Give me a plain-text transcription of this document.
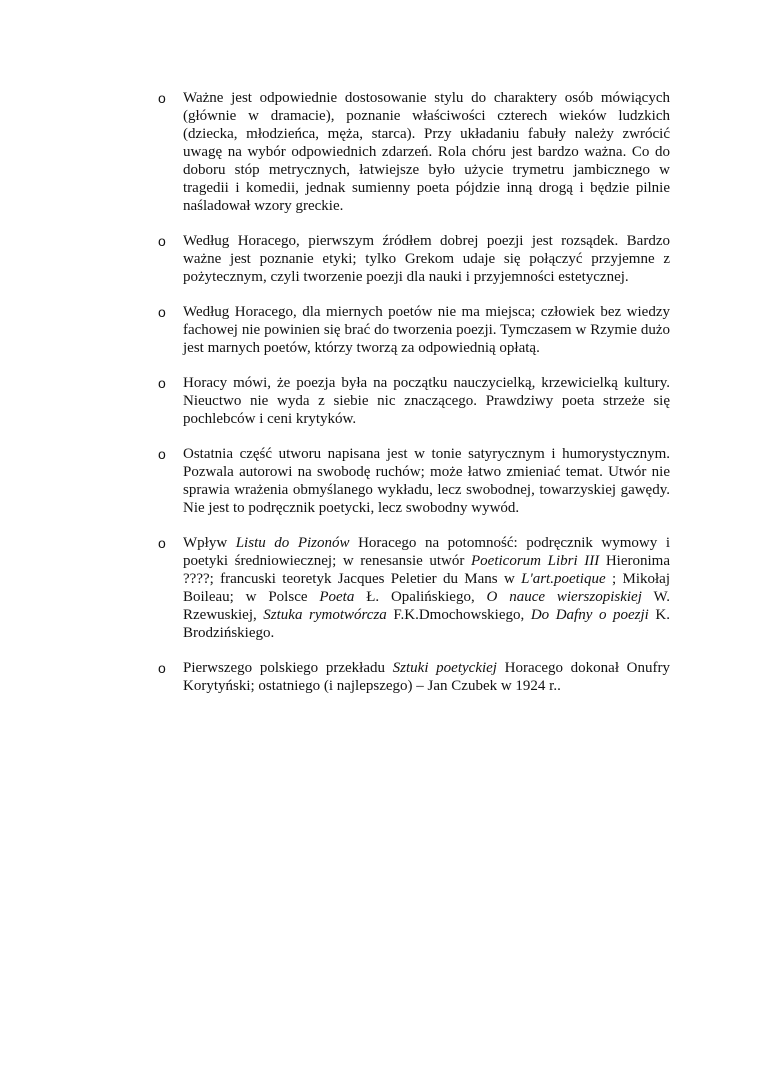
o Ważne jest odpowiednie dostosowanie stylu do charaktery osób mówiących (głównie w dramacie), poznanie właściwości czterech wieków ludzkich (dziecka, młodzieńca, męża, starca). Przy układaniu fabuły należy zwrócić uwagę na wybór odpowiednich zdarzeń. Rola chóru jest bardzo ważna. Co do doboru stóp metrycznych, łatwiejsze było użycie trymetru jambicznego w tragedii i komedii, jednak sumienny poeta pójdzie inną drogą i będzie pilnie naśladował wzory greckie.
o Według Horacego, pierwszym źródłem dobrej poezji jest rozsądek. Bardzo ważne jest poznanie etyki; tylko Grekom udaje się połączyć przyjemne z pożytecznym, czyli tworzenie poezji dla nauki i przyjemności estetycznej.
o Według Horacego, dla miernych poetów nie ma miejsca; człowiek bez wiedzy fachowej nie powinien się brać do tworzenia poezji. Tymczasem w Rzymie dużo jest marnych poetów, którzy tworzą za odpowiednią opłatą.
o Horacy mówi, że poezja była na początku nauczycielką, krzewicielką kultury. Nieuctwo nie wyda z siebie nic znaczącego. Prawdziwy poeta strzeże się pochlebców i ceni krytyków.
o Ostatnia część utworu napisana jest w tonie satyrycznym i humorystycznym. Pozwala autorowi na swobodę ruchów; może łatwo zmieniać temat. Utwór nie sprawia wrażenia obmyślanego wykładu, lecz swobodnej, towarzyskiej gawędy. Nie jest to podręcznik poetycki, lecz swobodny wywód.
o Wpływ Listu do Pizonów Horacego na potomność: podręcznik wymowy i poetyki średniowiecznej; w renesansie utwór Poeticorum Libri III Hieronima ????; francuski teoretyk Jacques Peletier du Mans w L'art.poetique ; Mikołaj Boileau; w Polsce Poeta Ł. Opalińskiego, O nauce wierszopiskiej W. Rzewuskiej, Sztuka rymotwórcza F.K.Dmochowskiego, Do Dafny o poezji K. Brodzińskiego.
o Pierwszego polskiego przekładu Sztuki poetyckiej Horacego dokonał Onufry Korytyński; ostatniego (i najlepszego) – Jan Czubek w 1924 r..
